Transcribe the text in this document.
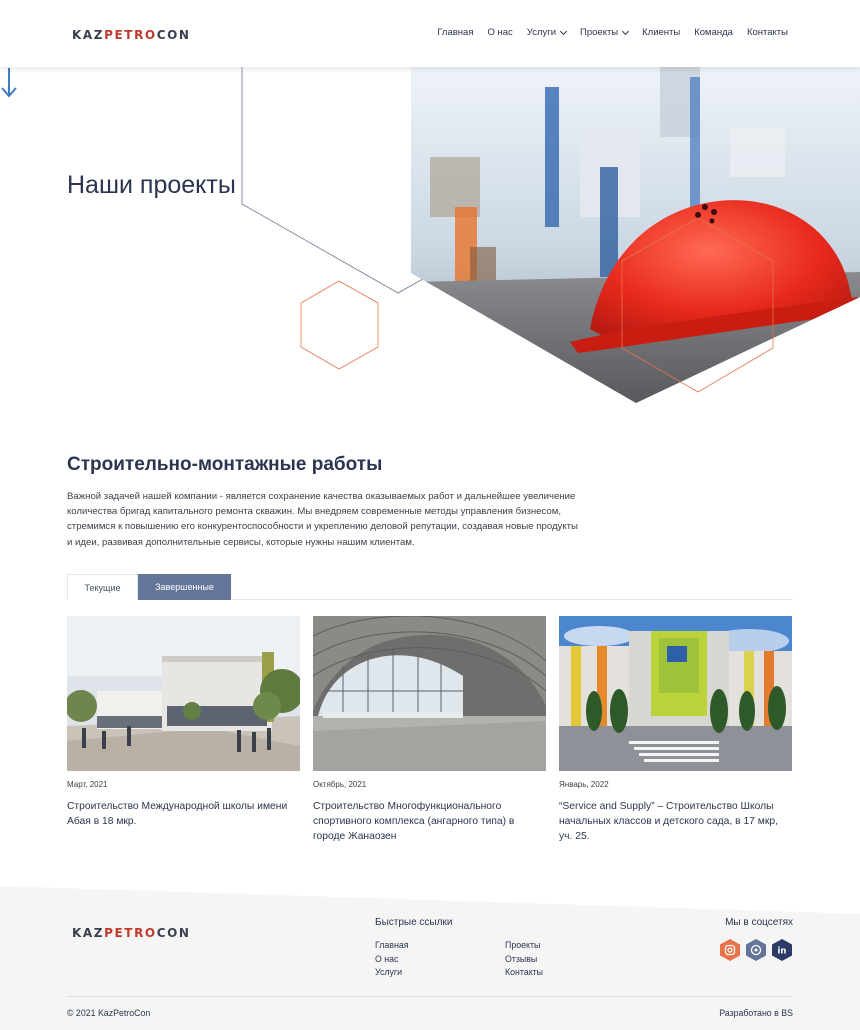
KAZPETROCON	Главная О нас Услуги	Проекты	Клиенты Команда Контакты
Наши проекты
Строительно-монтажные работы

Важной задачей нашей компании - является сохранение качества оказываемых работ и дальнейшее увеличение количества бригад капитального ремонта скважин. Мы внедряем современные методы управления бизнесом, стремимся к повышению его конкурентоспособности и укреплению деловой репутации, создавая новые продукты и идеи, развивая дополнительные сервисы, которые нужны нашим клиентам.

Текущие	Завершенные
Март, 2021
Строительство Международной школы имени Абая в 18 мкр.
Октябрь, 2021
Строительство Многофункционального спортивного комплекса (ангарного типа) в городе Жанаозен
Январь, 2022
“Service and Supply” – Строительство Школы начальных классов и детского сада, в 17 мкр, уч. 25.
KAZPETROCON
Быстрые ссылки
Главная	Проекты
О нас	Отзывы
Услуги	Контакты
Мы в соцсетях
in
© 2021 KazPetroCon	Разработано в BS
